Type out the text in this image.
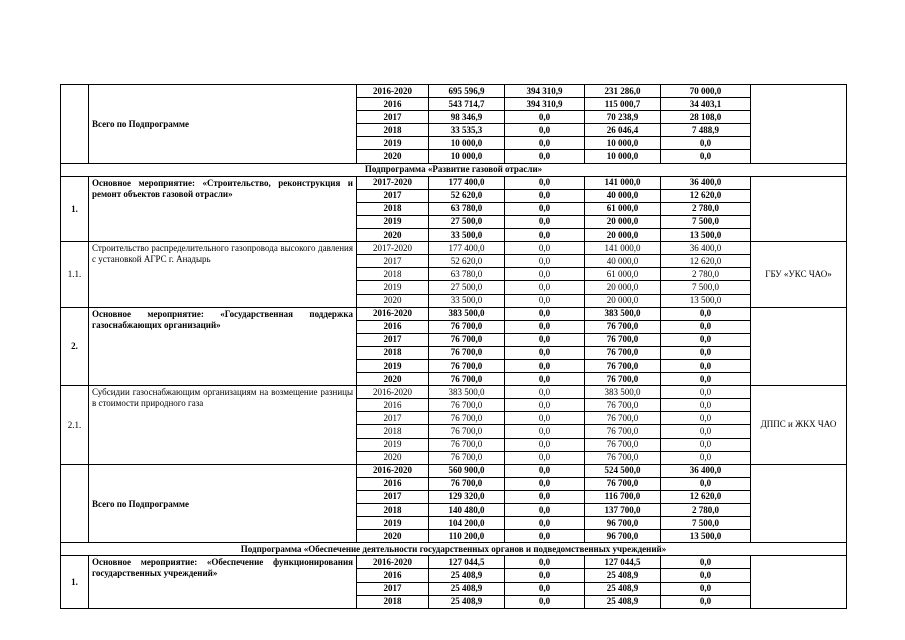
	Всего по Подпрограмме	2016-2020	695 596,9	394 310,9	231 286,0	70 000,0	
		2016	543 714,7	394 310,9	115 000,7	34 403,1	
		2017	98 346,9	0,0	70 238,9	28 108,0	
		2018	33 535,3	0,0	26 046,4	7 488,9	
		2019	10 000,0	0,0	10 000,0	0,0	
		2020	10 000,0	0,0	10 000,0	0,0	
Подпрограмма «Развитие газовой отрасли»							
1.	Основное мероприятие: «Строительство, реконструкция и ремонт объектов газовой отрасли»	2017-2020	177 400,0	0,0	141 000,0	36 400,0	
		2017	52 620,0	0,0	40 000,0	12 620,0	
		2018	63 780,0	0,0	61 000,0	2 780,0	
		2019	27 500,0	0,0	20 000,0	7 500,0	
		2020	33 500,0	0,0	20 000,0	13 500,0	
1.1.	Строительство распределительного газопровода высокого давления с установкой АГРС г. Анадырь	2017-2020	177 400,0	0,0	141 000,0	36 400,0	ГБУ «УКС ЧАО»
		2017	52 620,0	0,0	40 000,0	12 620,0	
		2018	63 780,0	0,0	61 000,0	2 780,0	
		2019	27 500,0	0,0	20 000,0	7 500,0	
		2020	33 500,0	0,0	20 000,0	13 500,0	
2.	Основное мероприятие: «Государственная поддержка газоснабжающих организаций»	2016-2020	383 500,0	0,0	383 500,0	0,0	
		2016	76 700,0	0,0	76 700,0	0,0	
		2017	76 700,0	0,0	76 700,0	0,0	
		2018	76 700,0	0,0	76 700,0	0,0	
		2019	76 700,0	0,0	76 700,0	0,0	
		2020	76 700,0	0,0	76 700,0	0,0	
2.1.	Субсидии газоснабжающим организациям на возмещение разницы в стоимости природного газа	2016-2020	383 500,0	0,0	383 500,0	0,0	ДППС и ЖКХ ЧАО
		2016	76 700,0	0,0	76 700,0	0,0	
		2017	76 700,0	0,0	76 700,0	0,0	
		2018	76 700,0	0,0	76 700,0	0,0	
		2019	76 700,0	0,0	76 700,0	0,0	
		2020	76 700,0	0,0	76 700,0	0,0	
	Всего по Подпрограмме	2016-2020	560 900,0	0,0	524 500,0	36 400,0	
		2016	76 700,0	0,0	76 700,0	0,0	
		2017	129 320,0	0,0	116 700,0	12 620,0	
		2018	140 480,0	0,0	137 700,0	2 780,0	
		2019	104 200,0	0,0	96 700,0	7 500,0	
		2020	110 200,0	0,0	96 700,0	13 500,0	
Подпрограмма «Обеспечение деятельности государственных органов и подведомственных учреждений»							
1.	Основное мероприятие: «Обеспечение функционирования государственных учреждений»	2016-2020	127 044,5	0,0	127 044,5	0,0	
		2016	25 408,9	0,0	25 408,9	0,0	
		2017	25 408,9	0,0	25 408,9	0,0	
		2018	25 408,9	0,0	25 408,9	0,0	
